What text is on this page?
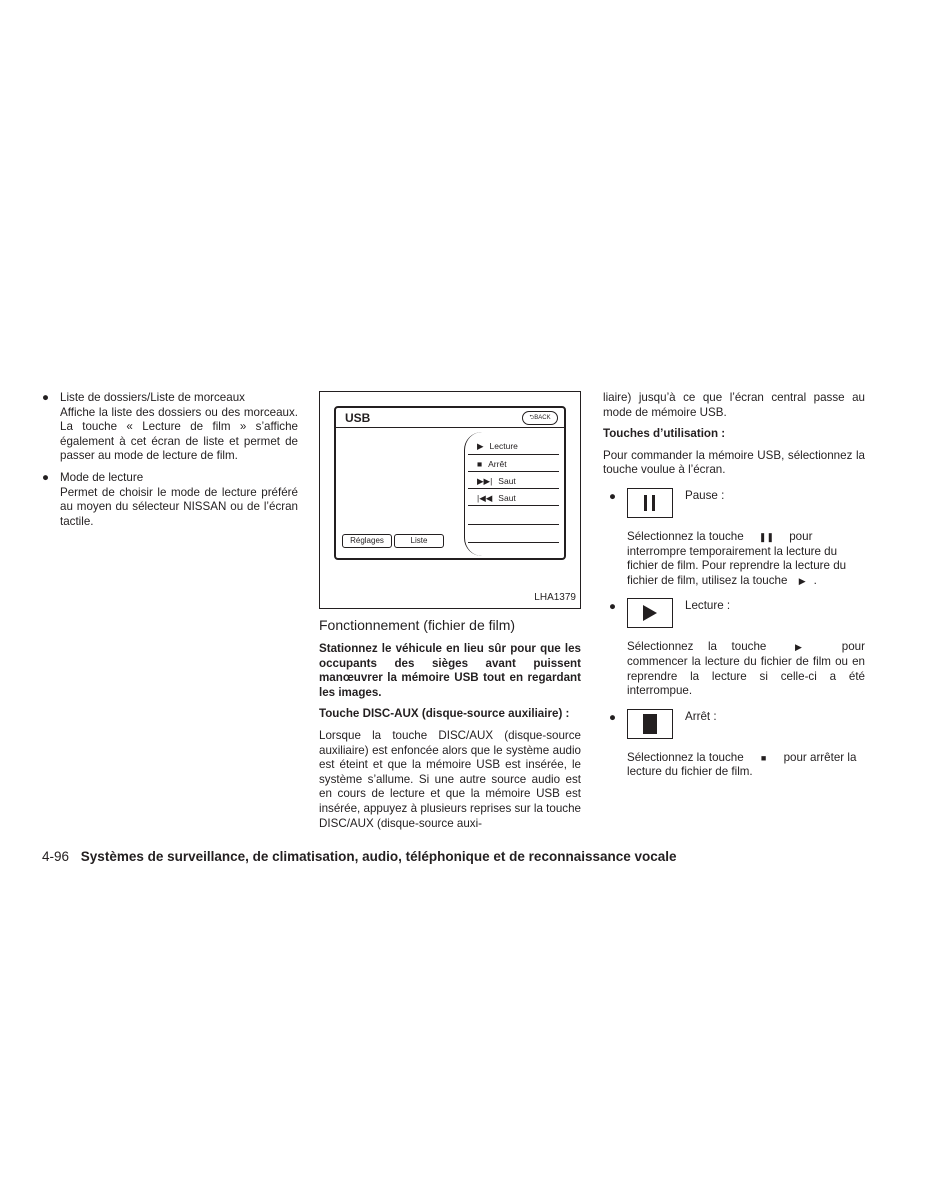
● Liste de dossiers/Liste de morceaux
Affiche la liste des dossiers ou des morceaux. La touche « Lecture de film » s’affiche également à cet écran de liste et permet de passer au mode de lecture de film.
● Mode de lecture
Permet de choisir le mode de lecture préféré au moyen du sélecteur NISSAN ou de l’écran tactile.
USB	⮌BACK
▶ Lecture
■ Arrêt
▶▶| Saut
|◀◀ Saut
Réglages	Liste
LHA1379
Fonctionnement (fichier de film)
Stationnez le véhicule en lieu sûr pour que les occupants des sièges avant puissent manœuvrer la mémoire USB tout en regardant les images.
Touche DISC-AUX (disque-source auxiliaire) :
Lorsque la touche DISC/AUX (disque-source auxiliaire) est enfoncée alors que le système audio est éteint et que la mémoire USB est insérée, le système s’allume. Si une autre source audio est en cours de lecture et que la mémoire USB est insérée, appuyez à plusieurs reprises sur la touche DISC/AUX (disque-source auxi-
liaire) jusqu’à ce que l’écran central passe au mode de mémoire USB.
Touches d’utilisation :
Pour commander la mémoire USB, sélectionnez la touche voulue à l’écran.
●	Pause :
Sélectionnez la touche ❚❚ pour interrompre temporairement la lecture du fichier de film. Pour reprendre la lecture du fichier de film, utilisez la touche ▶ .
●	Lecture :
Sélectionnez la touche	▶ pour commencer la lecture du fichier de film ou en reprendre la lecture si celle-ci a été interrompue.
●	Arrêt :
Sélectionnez la touche ■ pour arrêter la lecture du fichier de film.
4-96 Systèmes de surveillance, de climatisation, audio, téléphonique et de reconnaissance vocale
